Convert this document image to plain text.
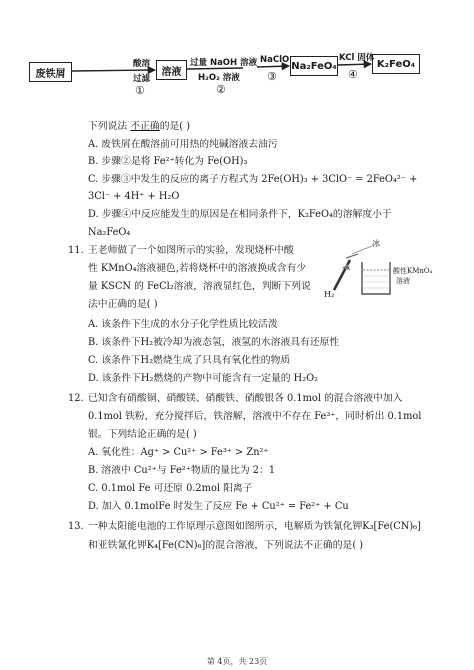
废铁屑	溶液
Na₂FeO₄	K₂FeO₄
酸溶
过滤
①
过量 NaOH 溶液
H₂O₂ 溶液
②
NaClO
③
KCl 固体
④
下列说法 不正确的是( )
A. 废铁屑在酸溶前可用热的纯碱溶液去油污
B. 步骤②是将 Fe²⁺转化为 Fe(OH)₃
C. 步骤③中发生的反应的离子方程式为 2Fe(OH)₃ + 3ClO⁻ = 2FeO₄²⁻ +
3Cl⁻ + 4H⁺ + H₂O
D. 步骤④中反应能发生的原因是在相同条件下，K₂FeO₄的溶解度小于
Na₂FeO₄
11. 王老师做了一个如图所示的实验，发现烧杯中酸
性 KMnO₄溶液褪色,若将烧杯中的溶液换成含有少
量 KSCN 的 FeCl₂溶液，溶液显红色，判断下列说
法中正确的是( )
冰
H₂
酸性KMnO₄
溶液
A. 该条件下生成的水分子化学性质比较活泼
B. 该条件下H₂被冷却为液态氢，液氢的水溶液具有还原性
C. 该条件下H₂燃烧生成了只具有氧化性的物质
D. 该条件下H₂燃烧的产物中可能含有一定量的 H₂O₂
12. 已知含有硝酸铜、硝酸镁、硝酸铁、硝酸银各 0.1mol 的混合溶液中加入
0.1mol 铁粉，充分搅拌后，铁溶解，溶液中不存在 Fe³⁺，同时析出 0.1mol
银。下列结论正确的是( )
A. 氧化性：Ag⁺ > Cu²⁺ > Fe³⁺ > Zn²⁺
B. 溶液中 Cu²⁺与 Fe²⁺物质的量比为 2：1
C. 0.1mol Fe 可还原 0.2mol 阳离子
D. 加入 0.1molFe 时发生了反应 Fe + Cu²⁺ = Fe²⁺ + Cu
13. 一种太阳能电池的工作原理示意图如图所示，电解质为铁氰化钾K₃[Fe(CN)₆]
和亚铁氰化钾K₄[Fe(CN)₆]的混合溶液，下列说法不正确的是( )
第 4页，共 23页
